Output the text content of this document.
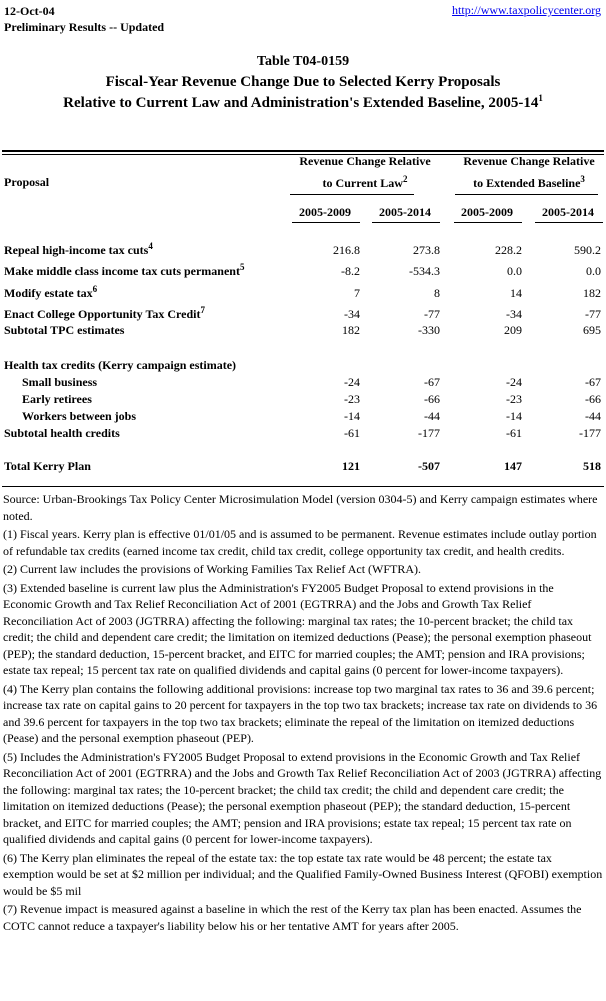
12-Oct-04
Preliminary Results -- Updated
http://www.taxpolicycenter.org
Table T04-0159
Fiscal-Year Revenue Change Due to Selected Kerry Proposals
Relative to Current Law and Administration's Extended Baseline, $2005-14^1$
Revenue Change Relative
to Current Law$^2$
Revenue Change Relative
to Extended Baseline$^3$
Proposal
2005-2009	2005-2014	2005-2009	2005-2014
Repeal high-income tax cuts$^4$	216.8	273.8	228.2	590.2
Make middle class income tax cuts permanent$^5$	-8.2	-534.3	0.0	0.0
Modify estate tax$^6$	7	8	14	182
Enact College Opportunity Tax Credit$^7$	-34	-77	-34	-77
Subtotal TPC estimates	182	-330	209	695
Health tax credits (Kerry campaign estimate)
Small business	-24	-67	-24	-67
Early retirees	-23	-66	-23	-66
Workers between jobs	-14	-44	-14	-44
Subtotal health credits	-61	-177	-61	-177
Total Kerry Plan	121	-507	147	518

Source: Urban-Brookings Tax Policy Center Microsimulation Model (version 0304-5) and Kerry campaign estimates where noted.

(1) Fiscal years. Kerry plan is effective 01/01/05 and is assumed to be permanent. Revenue estimates include outlay portion of refundable tax credits (earned income tax credit, child tax credit, college opportunity tax credit, and health credits.

(2) Current law includes the provisions of Working Families Tax Relief Act (WFTRA).

(3) Extended baseline is current law plus the Administration's FY2005 Budget Proposal to extend provisions in the Economic Growth and Tax Relief Reconciliation Act of 2001 (EGTRRA) and the Jobs and Growth Tax Relief Reconciliation Act of 2003 (JGTRRA) affecting the following: marginal tax rates; the 10-percent bracket; the child tax credit; the child and dependent care credit; the limitation on itemized deductions (Pease); the personal exemption phaseout (PEP); the standard deduction, 15-percent bracket, and EITC for married couples; the AMT; pension and IRA provisions; estate tax repeal; 15 percent tax rate on qualified dividends and capital gains (0 percent for lower-income taxpayers).

(4) The Kerry plan contains the following additional provisions: increase top two marginal tax rates to 36 and 39.6 percent; increase tax rate on capital gains to 20 percent for taxpayers in the top two tax brackets; increase tax rate on dividends to 36 and 39.6 percent for taxpayers in the top two tax brackets; eliminate the repeal of the limitation on itemized deductions (Pease) and the personal exemption phaseout (PEP).

(5) Includes the Administration's FY2005 Budget Proposal to extend provisions in the Economic Growth and Tax Relief Reconciliation Act of 2001 (EGTRRA) and the Jobs and Growth Tax Relief Reconciliation Act of 2003 (JGTRRA) affecting the following: marginal tax rates; the 10-percent bracket; the child tax credit; the child and dependent care credit; the limitation on itemized deductions (Pease); the personal exemption phaseout (PEP); the standard deduction, 15-percent bracket, and EITC for married couples; the AMT; pension and IRA provisions; estate tax repeal; 15 percent tax rate on qualified dividends and capital gains (0 percent for lower-income taxpayers).

(6) The Kerry plan eliminates the repeal of the estate tax: the top estate tax rate would be 48 percent; the estate tax exemption would be set at $2 million per individual; and the Qualified Family-Owned Business Interest (QFOBI) exemption would be $5 mil

(7) Revenue impact is measured against a baseline in which the rest of the Kerry tax plan has been enacted. Assumes the COTC cannot reduce a taxpayer's liability below his or her tentative AMT for years after 2005.
